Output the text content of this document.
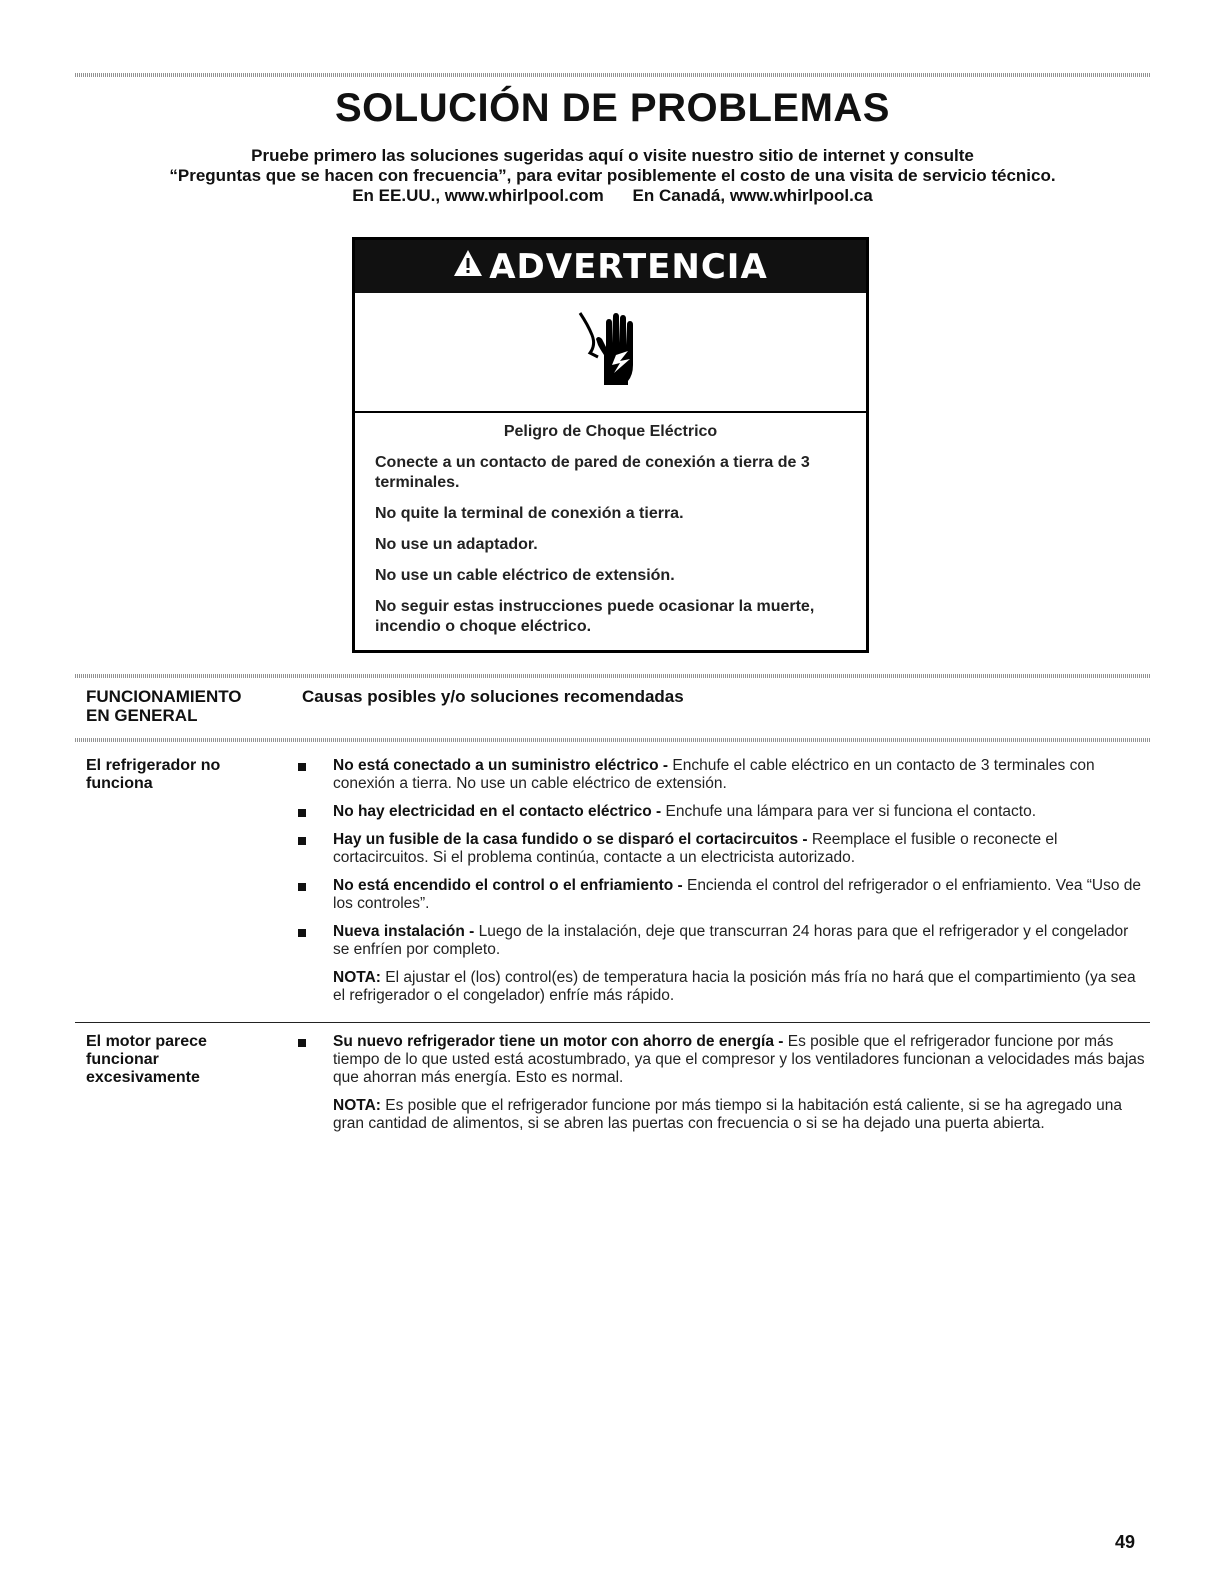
SOLUCIÓN DE PROBLEMAS
Pruebe primero las soluciones sugeridas aquí o visite nuestro sitio de internet y consulte
“Preguntas que se hacen con frecuencia”, para evitar posiblemente el costo de una visita de servicio técnico.
En EE.UU., www.whirlpool.com En Canadá, www.whirlpool.ca
ADVERTENCIA
Peligro de Choque Eléctrico

Conecte a un contacto de pared de conexión a tierra de 3 terminales.

No quite la terminal de conexión a tierra.

No use un adaptador.

No use un cable eléctrico de extensión.

No seguir estas instrucciones puede ocasionar la muerte, incendio o choque eléctrico.

FUNCIONAMIENTO
EN GENERAL
Causas posibles y/o soluciones recomendadas
El refrigerador no funciona
No está conectado a un suministro eléctrico - Enchufe el cable eléctrico en un contacto de 3 terminales con conexión a tierra. No use un cable eléctrico de extensión.
No hay electricidad en el contacto eléctrico - Enchufe una lámpara para ver si funciona el contacto.
Hay un fusible de la casa fundido o se disparó el cortacircuitos - Reemplace el fusible o reconecte el cortacircuitos. Si el problema continúa, contacte a un electricista autorizado.
No está encendido el control o el enfriamiento - Encienda el control del refrigerador o el enfriamiento. Vea “Uso de los controles”.
Nueva instalación - Luego de la instalación, deje que transcurran 24 horas para que el refrigerador y el congelador se enfríen por completo.
NOTA: El ajustar el (los) control(es) de temperatura hacia la posición más fría no hará que el compartimiento (ya sea el refrigerador o el congelador) enfríe más rápido.
El motor parece funcionar excesivamente
Su nuevo refrigerador tiene un motor con ahorro de energía - Es posible que el refrigerador funcione por más tiempo de lo que usted está acostumbrado, ya que el compresor y los ventiladores funcionan a velocidades más bajas que ahorran más energía. Esto es normal.
NOTA: Es posible que el refrigerador funcione por más tiempo si la habitación está caliente, si se ha agregado una gran cantidad de alimentos, si se abren las puertas con frecuencia o si se ha dejado una puerta abierta.
49
